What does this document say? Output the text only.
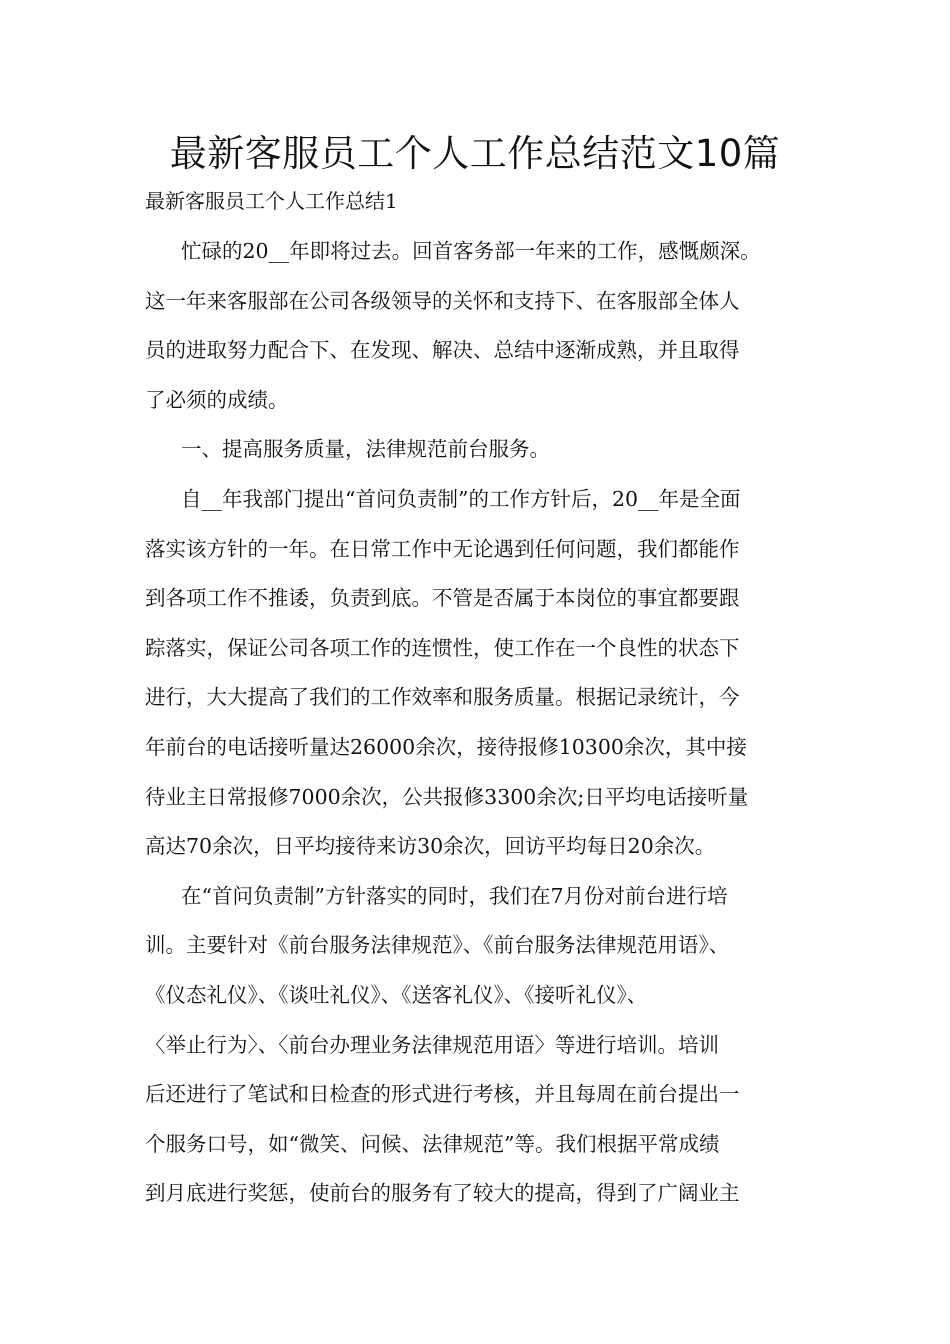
最新客服员工个人工作总结范文10篇
最新客服员工个人工作总结1

忙碌的20__年即将过去。回首客务部一年来的工作，感慨颇深。
这一年来客服部在公司各级领导的关怀和支持下、在客服部全体人
员的进取努力配合下、在发现、解决、总结中逐渐成熟，并且取得
了必须的成绩。

一、提高服务质量，法律规范前台服务。

自__年我部门提出“首问负责制”的工作方针后，20__年是全面
落实该方针的一年。在日常工作中无论遇到任何问题，我们都能作
到各项工作不推诿，负责到底。不管是否属于本岗位的事宜都要跟
踪落实，保证公司各项工作的连惯性，使工作在一个良性的状态下
进行，大大提高了我们的工作效率和服务质量。根据记录统计，今
年前台的电话接听量达26000余次，接待报修10300余次，其中接
待业主日常报修7000余次，公共报修3300余次;日平均电话接听量
高达70余次，日平均接待来访30余次，回访平均每日20余次。

在“首问负责制”方针落实的同时，我们在7月份对前台进行培
训。主要针对《前台服务法律规范》、《前台服务法律规范用语》、
《仪态礼仪》、《谈吐礼仪》、《送客礼仪》、《接听礼仪》、
〈举止行为〉、〈前台办理业务法律规范用语〉等进行培训。培训
后还进行了笔试和日检查的形式进行考核，并且每周在前台提出一
个服务口号，如“微笑、问候、法律规范”等。我们根据平常成绩
到月底进行奖惩，使前台的服务有了较大的提高，得到了广阔业主
